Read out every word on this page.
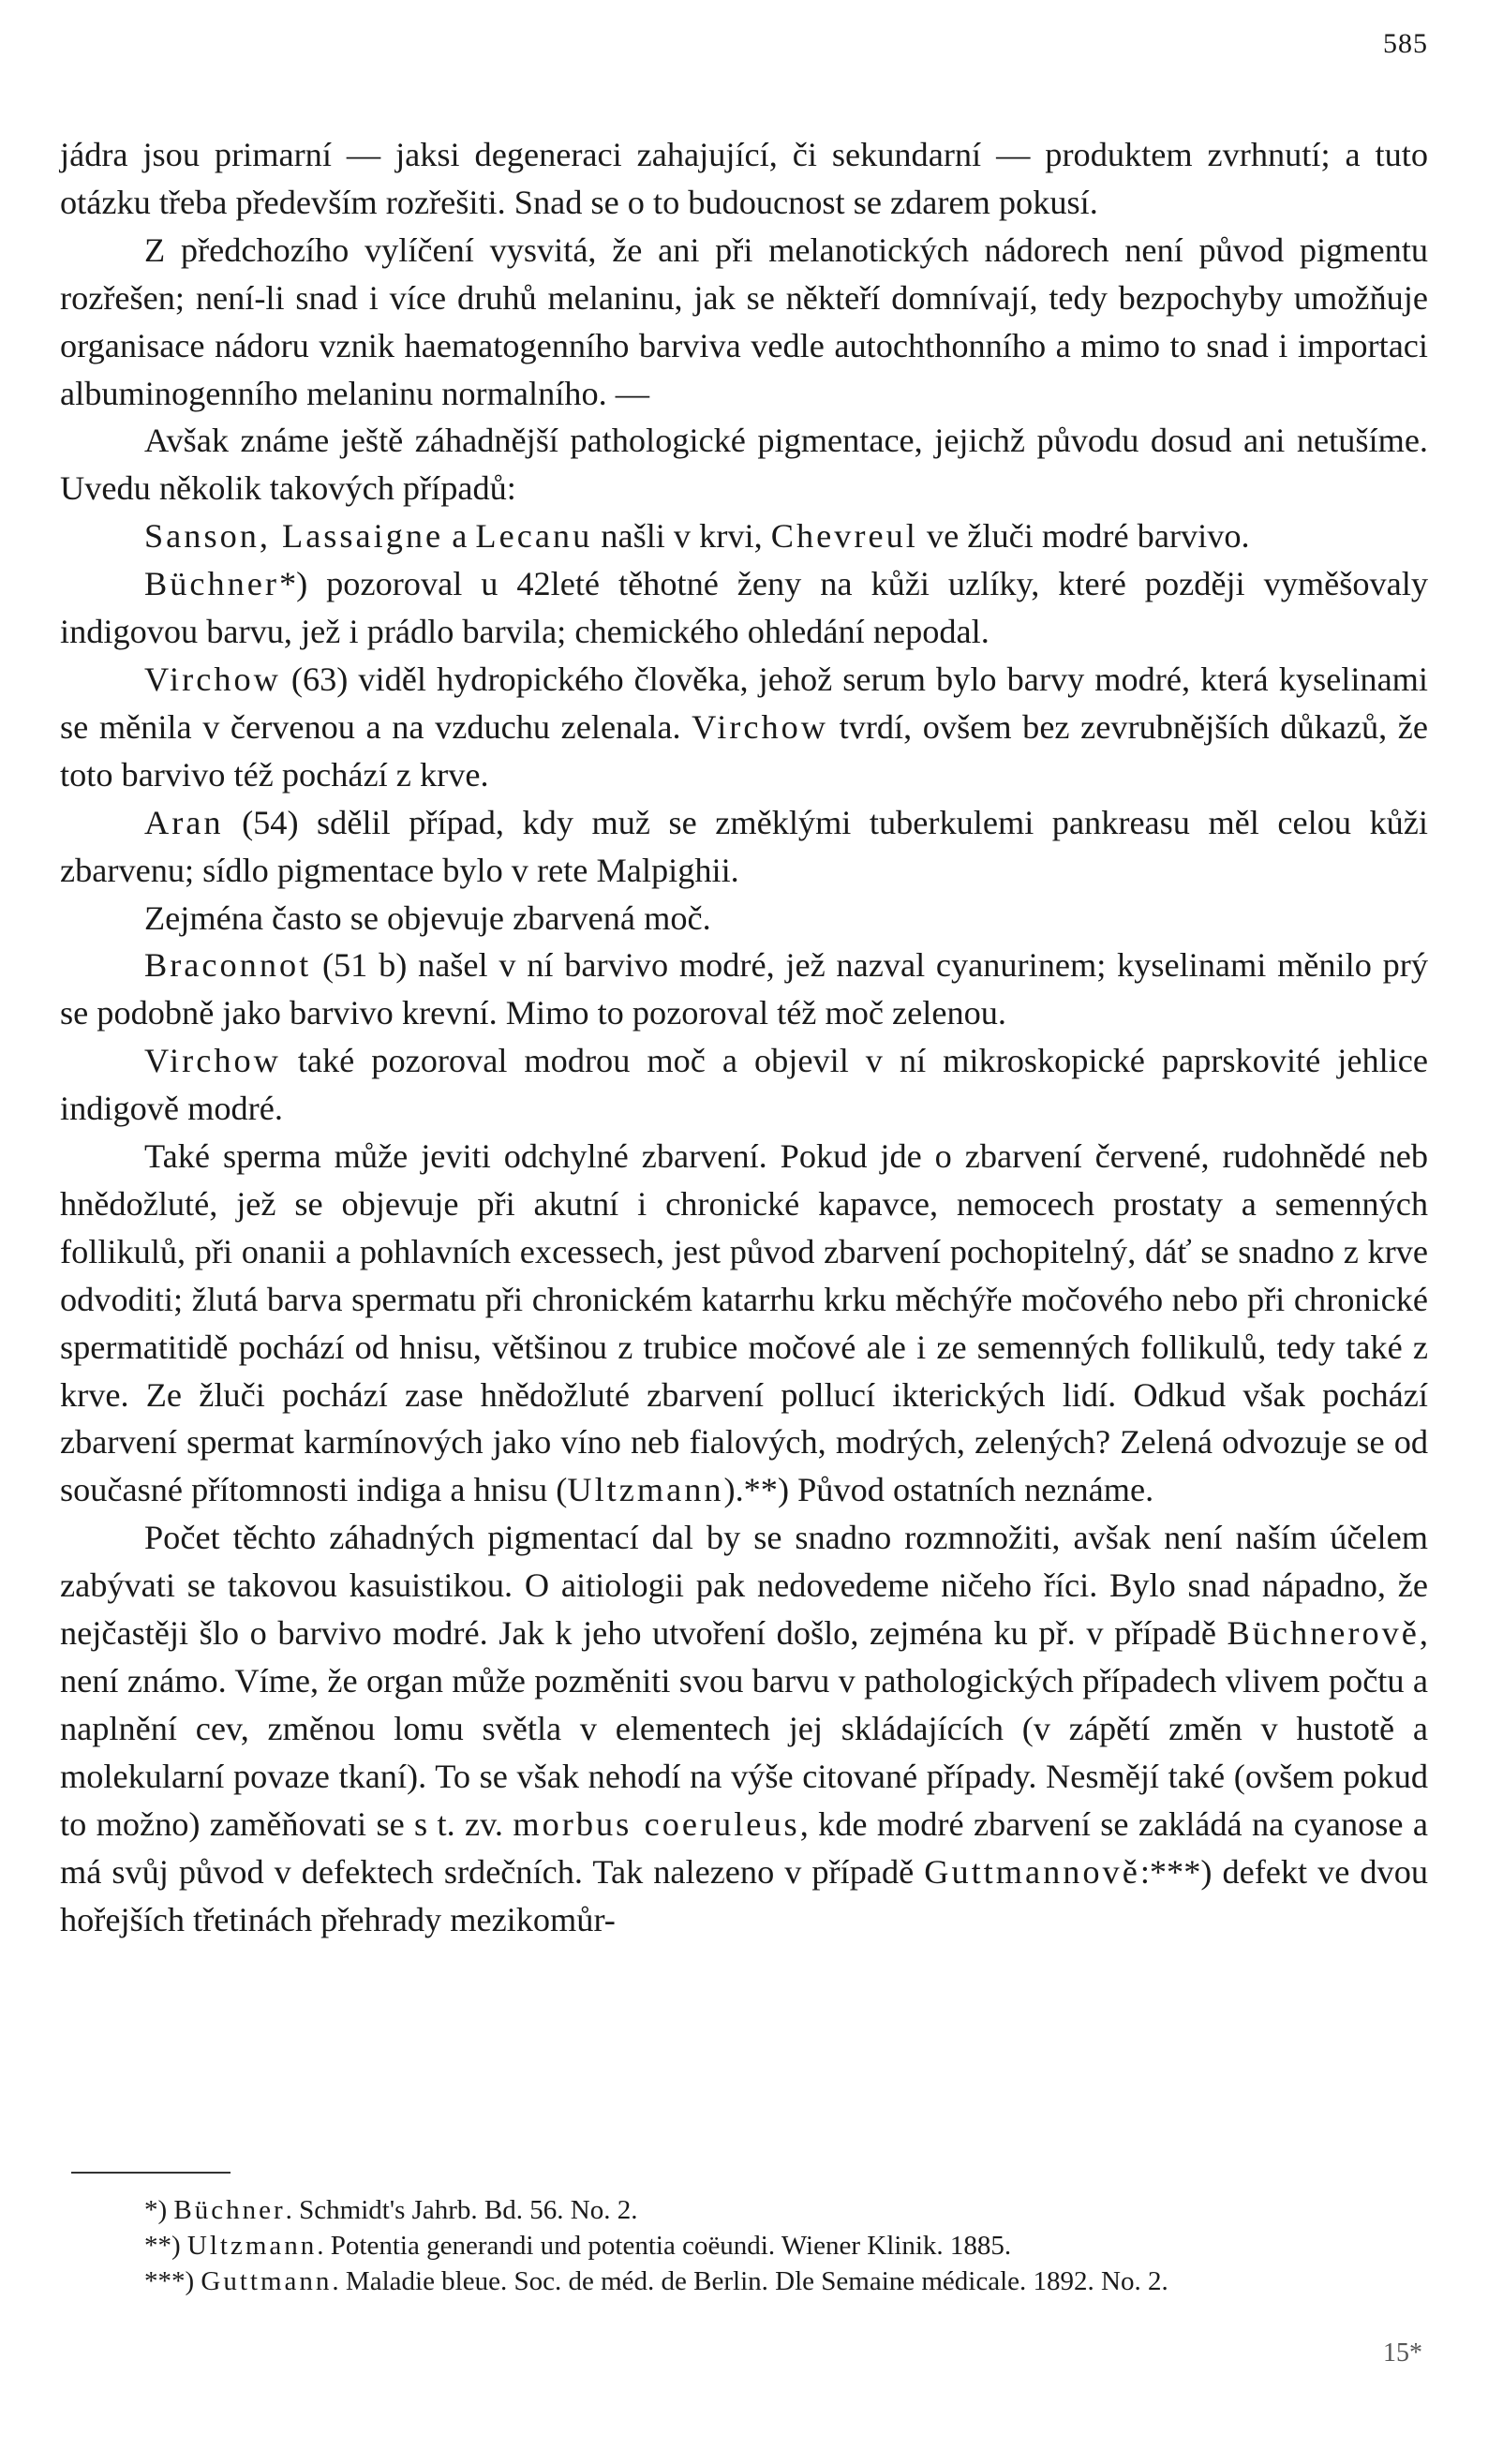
585

jádra jsou primarní — jaksi degeneraci zahajující, či sekundarní — produktem zvrhnutí; a tuto otázku třeba především rozřešiti. Snad se o to budoucnost se zdarem pokusí.

Z předchozího vylíčení vysvitá, že ani při melanotických nádorech není původ pigmentu rozřešen; není-li snad i více druhů melaninu, jak se někteří domnívají, tedy bezpochyby umožňuje organisace nádoru vznik haematogenního barviva vedle autochthonního a mimo to snad i importaci albuminogenního melaninu normalního. —

Avšak známe ještě záhadnější pathologické pigmentace, jejichž původu dosud ani netušíme. Uvedu několik takových případů:

Sanson, Lassaigne a Lecanu našli v krvi, Chevreul ve žluči modré barvivo.

Büchner*) pozoroval u 42leté těhotné ženy na kůži uzlíky, které později vyměšovaly indigovou barvu, jež i prádlo barvila; chemického ohledání nepodal.

Virchow (63) viděl hydropického člověka, jehož serum bylo barvy modré, která kyselinami se měnila v červenou a na vzduchu zelenala. Virchow tvrdí, ovšem bez zevrubnějších důkazů, že toto barvivo též pochází z krve.

Aran (54) sdělil případ, kdy muž se změklými tuberkulemi pankreasu měl celou kůži zbarvenu; sídlo pigmentace bylo v rete Malpighii.

Zejména často se objevuje zbarvená moč.

Braconnot (51 b) našel v ní barvivo modré, jež nazval cyanurinem; kyselinami měnilo prý se podobně jako barvivo krevní. Mimo to pozoroval též moč zelenou.

Virchow také pozoroval modrou moč a objevil v ní mikroskopické paprskovité jehlice indigově modré.

Také sperma může jeviti odchylné zbarvení. Pokud jde o zbarvení červené, rudohnědé neb hnědožluté, jež se objevuje při akutní i chronické kapavce, nemocech prostaty a semenných follikulů, při onanii a pohlavních excessech, jest původ zbarvení pochopitelný, dáť se snadno z krve odvoditi; žlutá barva spermatu při chronickém katarrhu krku měchýře močového nebo při chronické spermatitidě pochází od hnisu, většinou z trubice močové ale i ze semenných follikulů, tedy také z krve. Ze žluči pochází zase hnědožluté zbarvení pollucí ikterických lidí. Odkud však pochází zbarvení spermat karmínových jako víno neb fialových, modrých, zelených? Zelená odvozuje se od současné přítomnosti indiga a hnisu (Ultzmann).**) Původ ostatních neznáme.

Počet těchto záhadných pigmentací dal by se snadno rozmnožiti, avšak není naším účelem zabývati se takovou kasuistikou. O aitiologii pak nedovedeme ničeho říci. Bylo snad nápadno, že nejčastěji šlo o barvivo modré. Jak k jeho utvoření došlo, zejména ku př. v případě Büchnerově, není známo. Víme, že organ může pozměniti svou barvu v pathologických případech vlivem počtu a naplnění cev, změnou lomu světla v elementech jej skládajících (v zápětí změn v hustotě a molekularní povaze tkaní). To se však nehodí na výše citované případy. Nesmějí také (ovšem pokud to možno) zaměňovati se s t. zv. morbus coeruleus, kde modré zbarvení se zakládá na cyanose a má svůj původ v defektech srdečních. Tak nalezeno v případě Guttmannově:***) defekt ve dvou hořejších třetinách přehrady mezikomůr-

*) Büchner. Schmidt's Jahrb. Bd. 56. No. 2.

**) Ultzmann. Potentia generandi und potentia coëundi. Wiener Klinik. 1885.

***) Guttmann. Maladie bleue. Soc. de méd. de Berlin. Dle Semaine médicale. 1892. No. 2.

15*
